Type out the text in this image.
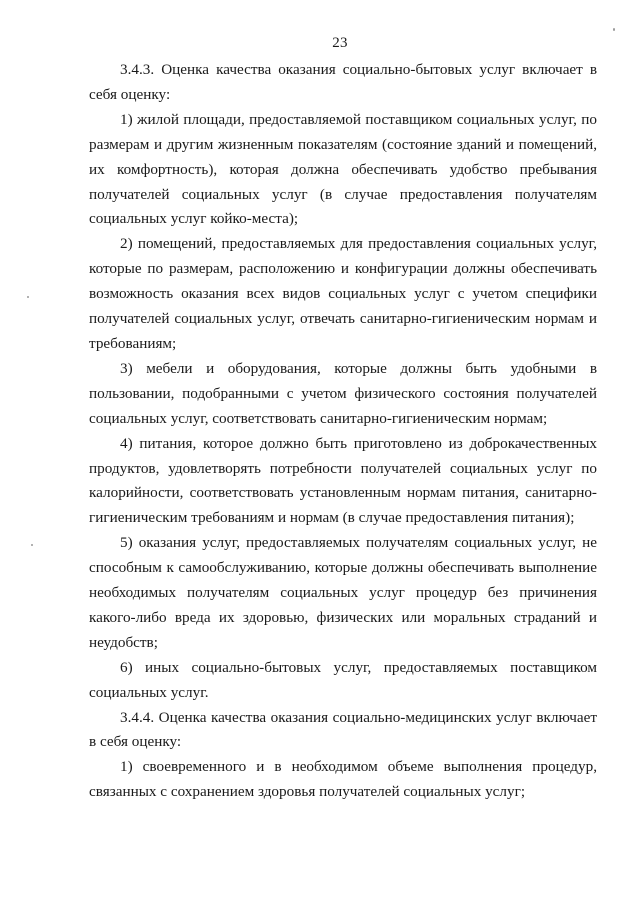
23

3.4.3. Оценка качества оказания социально-бытовых услуг включает в себя оценку:

1) жилой площади, предоставляемой поставщиком социальных услуг, по размерам и другим жизненным показателям (состояние зданий и помещений, их комфортность), которая должна обеспечивать удобство пребывания получателей социальных услуг (в случае предоставления получателям социальных услуг койко-места);

2) помещений, предоставляемых для предоставления социальных услуг, которые по размерам, расположению и конфигурации должны обеспечивать возможность оказания всех видов социальных услуг с учетом специфики получателей социальных услуг, отвечать санитарно-гигиеническим нормам и требованиям;

3) мебели и оборудования, которые должны быть удобными в пользовании, подобранными с учетом физического состояния получателей социальных услуг, соответствовать санитарно-гигиеническим нормам;

4) питания, которое должно быть приготовлено из доброкачественных продуктов, удовлетворять потребности получателей социальных услуг по калорийности, соответствовать установленным нормам питания, санитарно-гигиеническим требованиям и нормам (в случае предоставления питания);

5) оказания услуг, предоставляемых получателям социальных услуг, не способным к самообслуживанию, которые должны обеспечивать выполнение необходимых получателям социальных услуг процедур без причинения какого-либо вреда их здоровью, физических или моральных страданий и неудобств;

6) иных социально-бытовых услуг, предоставляемых поставщиком социальных услуг.

3.4.4. Оценка качества оказания социально-медицинских услуг включает в себя оценку:

1) своевременного и в необходимом объеме выполнения процедур, связанных с сохранением здоровья получателей социальных услуг;
